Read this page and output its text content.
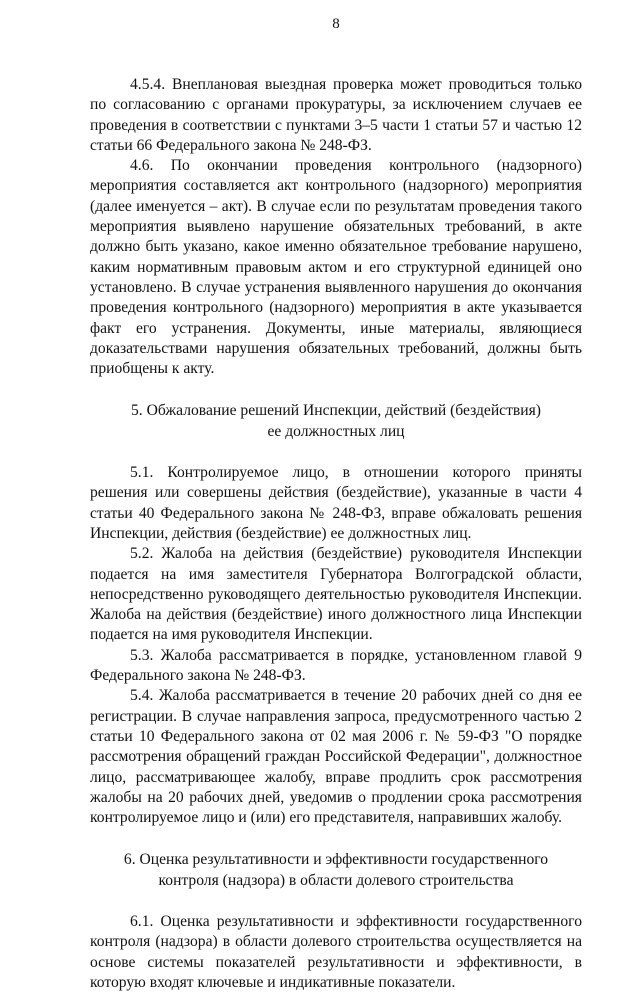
8

4.5.4. Внеплановая выездная проверка может проводиться только по согласованию с органами прокуратуры, за исключением случаев ее проведения в соответствии с пунктами 3–5 части 1 статьи 57 и частью 12 статьи 66 Федерального закона № 248-ФЗ.

4.6. По окончании проведения контрольного (надзорного) мероприятия составляется акт контрольного (надзорного) мероприятия (далее именуется – акт). В случае если по результатам проведения такого мероприятия выявлено нарушение обязательных требований, в акте должно быть указано, какое именно обязательное требование нарушено, каким нормативным правовым актом и его структурной единицей оно установлено. В случае устранения выявленного нарушения до окончания проведения контрольного (надзорного) мероприятия в акте указывается факт его устранения. Документы, иные материалы, являющиеся доказательствами нарушения обязательных требований, должны быть приобщены к акту.

5. Обжалование решений Инспекции, действий (бездействия)
ее должностных лиц

5.1. Контролируемое лицо, в отношении которого приняты решения или совершены действия (бездействие), указанные в части 4 статьи 40 Федерального закона № 248-ФЗ, вправе обжаловать решения Инспекции, действия (бездействие) ее должностных лиц.

5.2. Жалоба на действия (бездействие) руководителя Инспекции подается на имя заместителя Губернатора Волгоградской области, непосредственно руководящего деятельностью руководителя Инспекции. Жалоба на действия (бездействие) иного должностного лица Инспекции подается на имя руководителя Инспекции.

5.3. Жалоба рассматривается в порядке, установленном главой 9 Федерального закона № 248-ФЗ.

5.4. Жалоба рассматривается в течение 20 рабочих дней со дня ее регистрации. В случае направления запроса, предусмотренного частью 2 статьи 10 Федерального закона от 02 мая 2006 г. № 59-ФЗ "О порядке рассмотрения обращений граждан Российской Федерации", должностное лицо, рассматривающее жалобу, вправе продлить срок рассмотрения жалобы на 20 рабочих дней, уведомив о продлении срока рассмотрения контролируемое лицо и (или) его представителя, направивших жалобу.

6. Оценка результативности и эффективности государственного
контроля (надзора) в области долевого строительства

6.1. Оценка результативности и эффективности государственного контроля (надзора) в области долевого строительства осуществляется на основе системы показателей результативности и эффективности, в которую входят ключевые и индикативные показатели.
